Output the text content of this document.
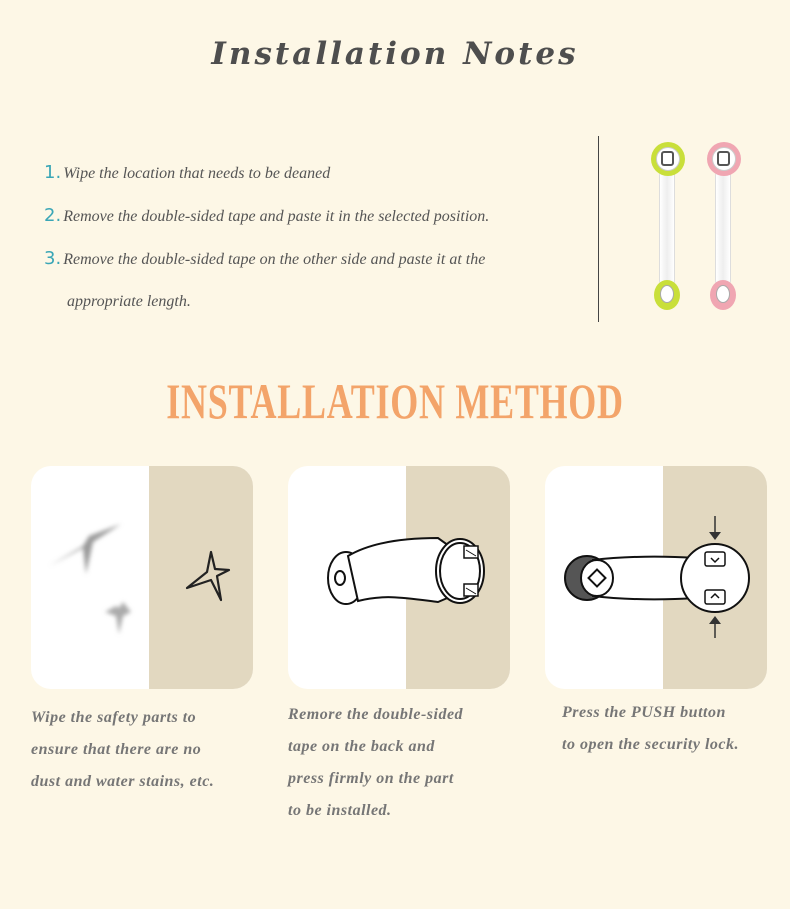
Installation Notes
1. Wipe the location that needs to be deaned
2. Remove the double-sided tape and paste it in the selected position.
3. Remove the double-sided tape on the other side and paste it at the
appropriate length.
INSTALLATION METHOD
Wipe the safety parts to
ensure that there are no
dust and water stains, etc.
Remore the double-sided
tape on the back and
press firmly on the part
to be installed.
Press the PUSH button
to open the security lock.
